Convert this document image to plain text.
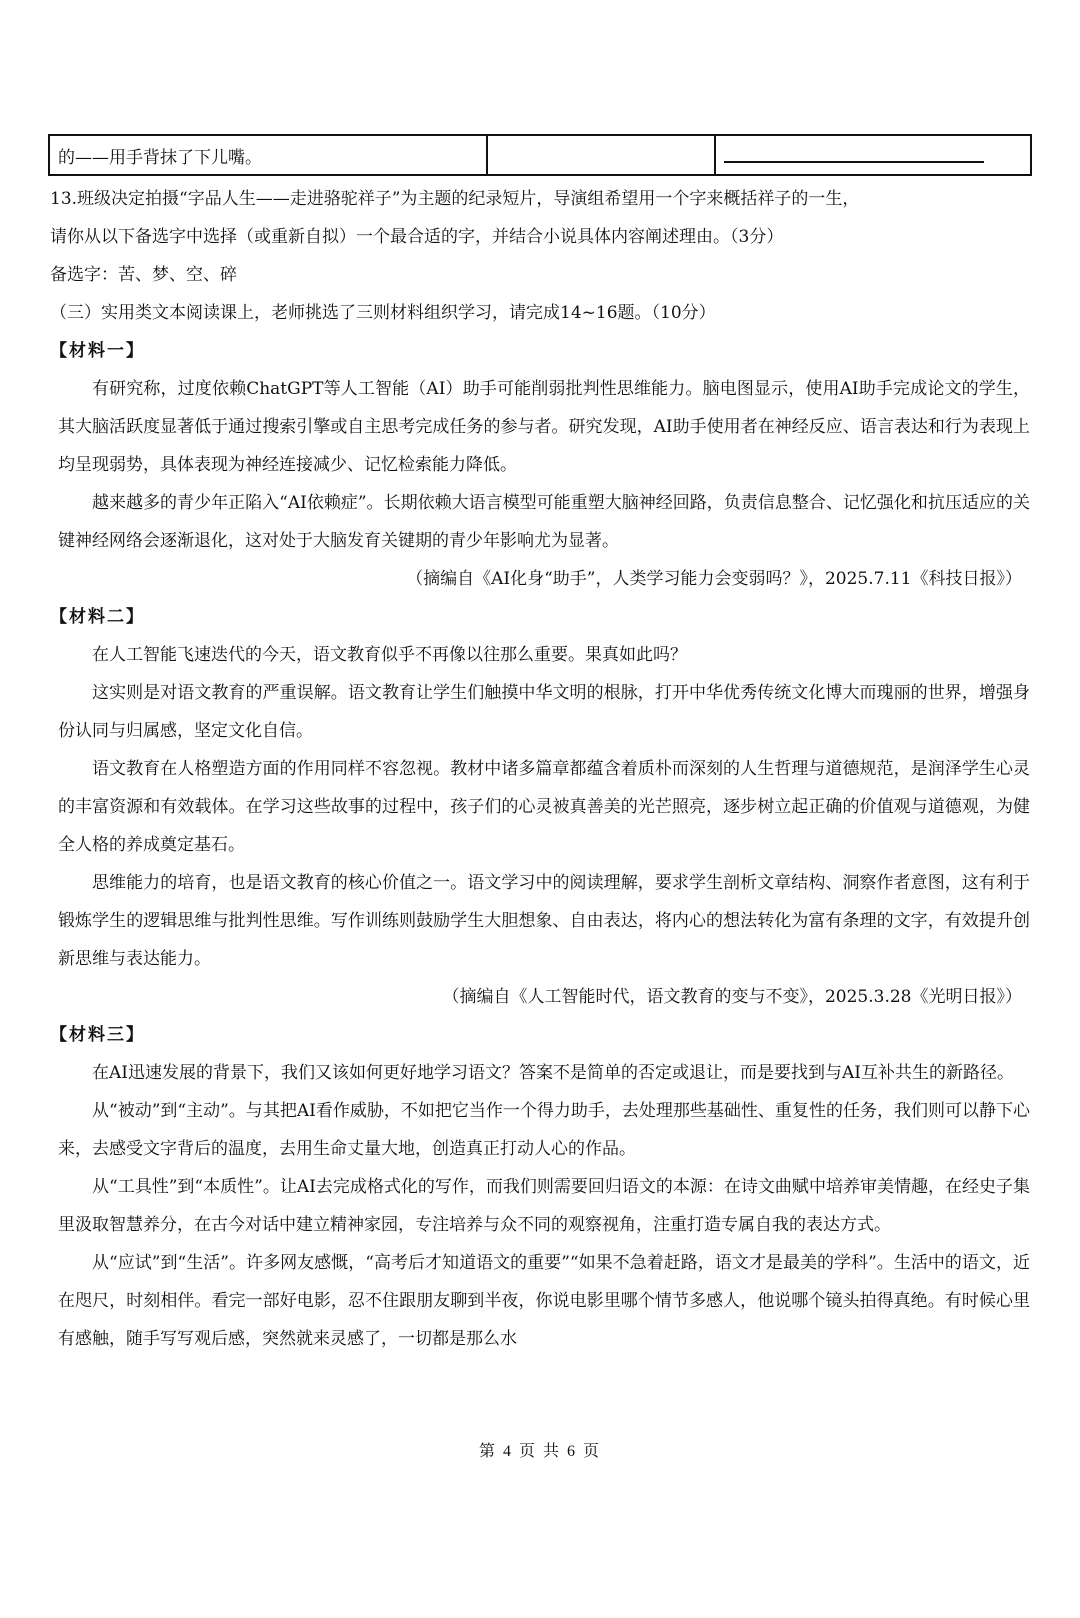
的——用手背抹了下儿嘴。		

13.班级决定拍摄“字品人生——走进骆驼祥子”为主题的纪录短片，导演组希望用一个字来概括祥子的一生，

请你从以下备选字中选择（或重新自拟）一个最合适的字，并结合小说具体内容阐述理由。（3分）

备选字：苦、梦、空、碎

（三）实用类文本阅读课上，老师挑选了三则材料组织学习，请完成14~16题。（10分）

【材料一】

有研究称，过度依赖ChatGPT等人工智能（AI）助手可能削弱批判性思维能力。脑电图显示，使用AI助手完成论文的学生，其大脑活跃度显著低于通过搜索引擎或自主思考完成任务的参与者。研究发现，AI助手使用者在神经反应、语言表达和行为表现上均呈现弱势，具体表现为神经连接减少、记忆检索能力降低。

越来越多的青少年正陷入“AI依赖症”。长期依赖大语言模型可能重塑大脑神经回路，负责信息整合、记忆强化和抗压适应的关键神经网络会逐渐退化，这对处于大脑发育关键期的青少年影响尤为显著。

（摘编自《AI化身“助手”，人类学习能力会变弱吗？》，2025.7.11《科技日报》）

【材料二】

在人工智能飞速迭代的今天，语文教育似乎不再像以往那么重要。果真如此吗？

这实则是对语文教育的严重误解。语文教育让学生们触摸中华文明的根脉，打开中华优秀传统文化博大而瑰丽的世界，增强身份认同与归属感，坚定文化自信。

语文教育在人格塑造方面的作用同样不容忽视。教材中诸多篇章都蕴含着质朴而深刻的人生哲理与道德规范，是润泽学生心灵的丰富资源和有效载体。在学习这些故事的过程中，孩子们的心灵被真善美的光芒照亮，逐步树立起正确的价值观与道德观，为健全人格的养成奠定基石。

思维能力的培育，也是语文教育的核心价值之一。语文学习中的阅读理解，要求学生剖析文章结构、洞察作者意图，这有利于锻炼学生的逻辑思维与批判性思维。写作训练则鼓励学生大胆想象、自由表达，将内心的想法转化为富有条理的文字，有效提升创新思维与表达能力。

（摘编自《人工智能时代，语文教育的变与不变》，2025.3.28《光明日报》）

【材料三】

在AI迅速发展的背景下，我们又该如何更好地学习语文？答案不是简单的否定或退让，而是要找到与AI互补共生的新路径。

从“被动”到“主动”。与其把AI看作威胁，不如把它当作一个得力助手，去处理那些基础性、重复性的任务，我们则可以静下心来，去感受文字背后的温度，去用生命丈量大地，创造真正打动人心的作品。

从“工具性”到“本质性”。让AI去完成格式化的写作，而我们则需要回归语文的本源：在诗文曲赋中培养审美情趣，在经史子集里汲取智慧养分，在古今对话中建立精神家园，专注培养与众不同的观察视角，注重打造专属自我的表达方式。

从“应试”到“生活”。许多网友感慨，“高考后才知道语文的重要”“如果不急着赶路，语文才是最美的学科”。生活中的语文，近在咫尺，时刻相伴。看完一部好电影，忍不住跟朋友聊到半夜，你说电影里哪个情节多感人，他说哪个镜头拍得真绝。有时候心里有感触，随手写写观后感，突然就来灵感了，一切都是那么水

第 4 页 共 6 页
